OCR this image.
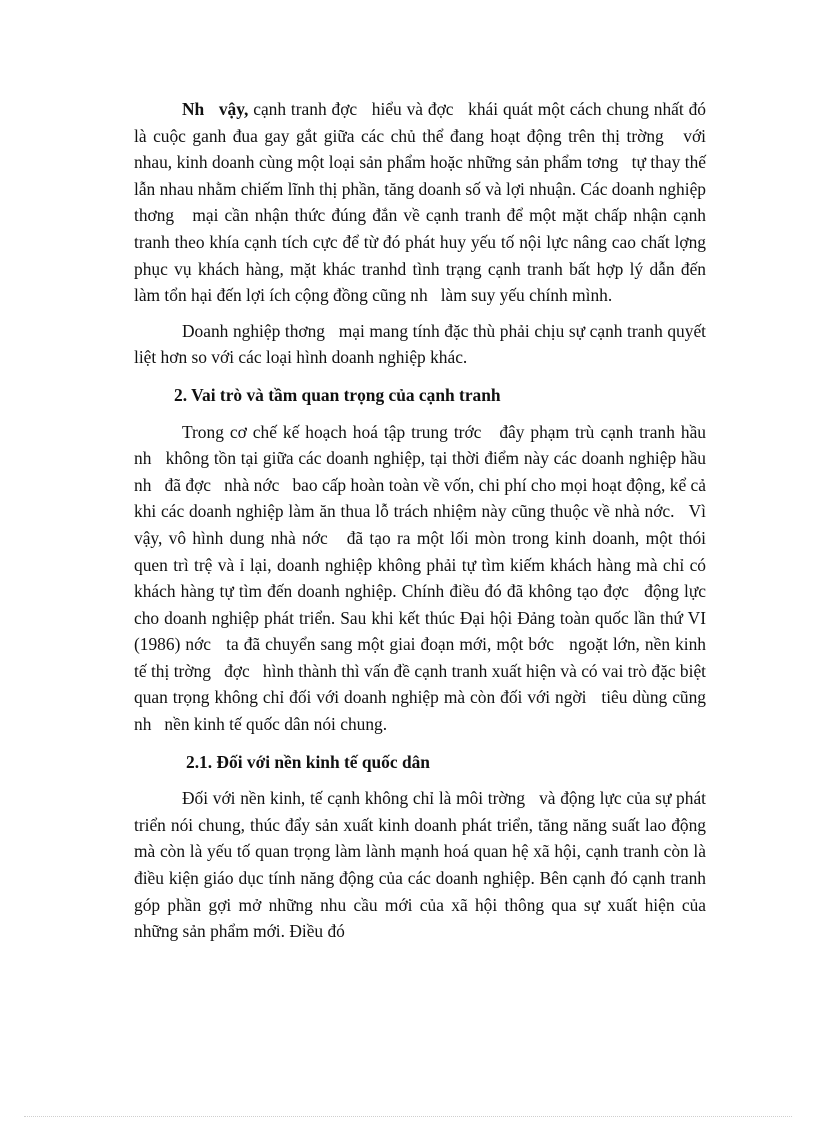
Nh   vậy, cạnh tranh đợc   hiểu và đợc   khái quát một cách chung nhất đó là cuộc ganh đua gay gắt giữa các chủ thể đang hoạt động trên thị trờng   với nhau, kinh doanh cùng một loại sản phẩm hoặc những sản phẩm tơng   tự thay thế lẫn nhau nhằm chiếm lĩnh thị phần, tăng doanh số và lợi nhuận. Các doanh nghiệp thơng   mại cần nhận thức đúng đắn về cạnh tranh để một mặt chấp nhận cạnh tranh theo khía cạnh tích cực để từ đó phát huy yếu tố nội lực nâng cao chất lợng   phục vụ khách hàng, mặt khác tranhd tình trạng cạnh tranh bất hợp lý dẫn đến làm tổn hại đến lợi ích cộng đồng cũng nh   làm suy yếu chính mình.

Doanh nghiệp thơng   mại mang tính đặc thù phải chịu sự cạnh tranh quyết liệt hơn so với các loại hình doanh nghiệp khác.

2. Vai trò và tầm quan trọng của cạnh tranh

Trong cơ chế kế hoạch hoá tập trung trớc   đây phạm trù cạnh tranh hầu nh   không tồn tại giữa các doanh nghiệp, tại thời điểm này các doanh nghiệp hầu nh   đã đợc   nhà nớc   bao cấp hoàn toàn về vốn, chi phí cho mọi hoạt động, kể cả khi các doanh nghiệp làm ăn thua lỗ trách nhiệm này cũng thuộc về nhà nớc.   Vì vậy, vô hình dung nhà nớc   đã tạo ra một lối mòn trong kinh doanh, một thói quen trì trệ và ỉ lại, doanh nghiệp không phải tự tìm kiếm khách hàng mà chỉ có khách hàng tự tìm đến doanh nghiệp. Chính điều đó đã không tạo đợc   động lực cho doanh nghiệp phát triển. Sau khi kết thúc Đại hội Đảng toàn quốc lần thứ VI (1986) nớc   ta đã chuyển sang một giai đoạn mới, một bớc   ngoặt lớn, nền kinh tế thị trờng   đợc   hình thành thì vấn đề cạnh tranh xuất hiện và có vai trò đặc biệt quan trọng không chỉ đối với doanh nghiệp mà còn đối với ngời   tiêu dùng cũng nh   nền kinh tế quốc dân nói chung.

2.1. Đối với nền kinh tế quốc dân

Đối với nền kinh, tế cạnh không chỉ là môi trờng   và động lực của sự phát triển nói chung, thúc đẩy sản xuất kinh doanh phát triển, tăng năng suất lao động mà còn là yếu tố quan trọng làm lành mạnh hoá quan hệ xã hội, cạnh tranh còn là điều kiện giáo dục tính năng động của các doanh nghiệp. Bên cạnh đó cạnh tranh góp phần gợi mở những nhu cầu mới của xã hội thông qua sự xuất hiện của những sản phẩm mới. Điều đó
